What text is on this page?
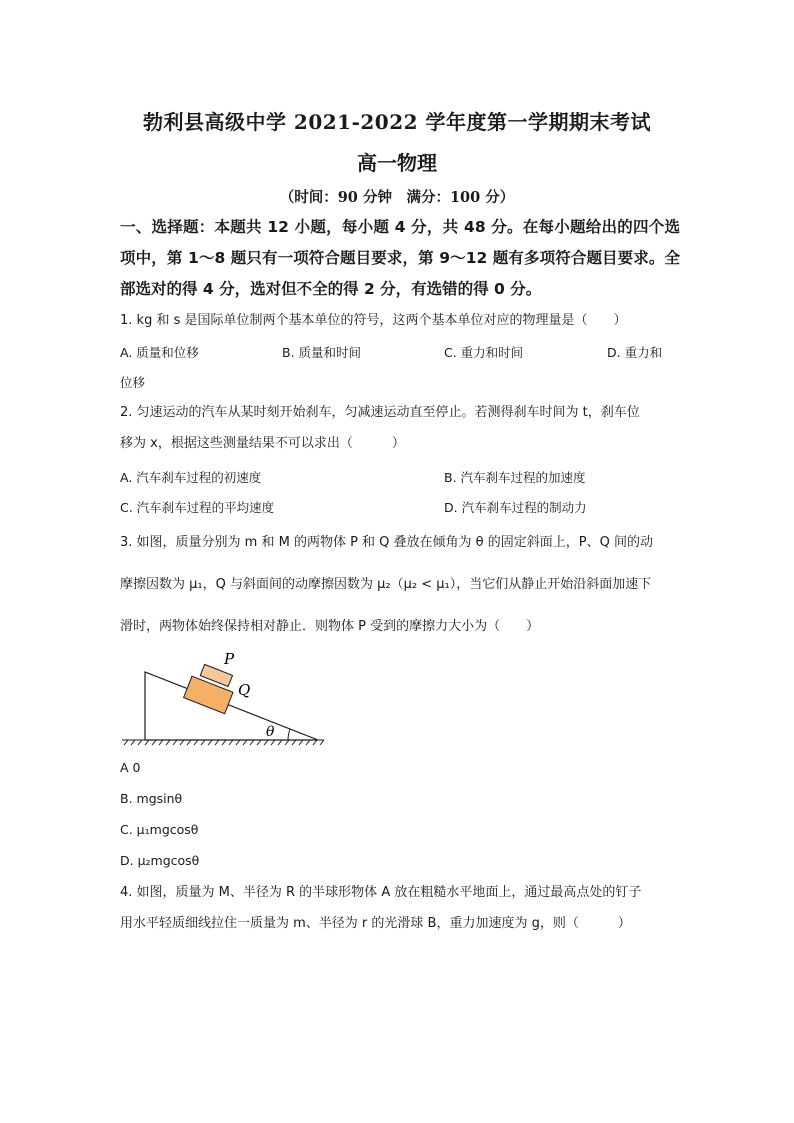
勃利县高级中学 2021-2022 学年度第一学期期末考试
高一物理
（时间：90 分钟　满分：100 分）
一、选择题：本题共 12 小题，每小题 4 分，共 48 分。在每小题给出的四个选项中，第 1～8 题只有一项符合题目要求，第 9～12 题有多项符合题目要求。全部选对的得 4 分，选对但不全的得 2 分，有选错的得 0 分。
1. kg 和 s 是国际单位制两个基本单位的符号，这两个基本单位对应的物理量是（　　）
A. 质量和位移	B. 质量和时间	C. 重力和时间	D. 重力和
位移
2. 匀速运动的汽车从某时刻开始刹车，匀减速运动直至停止。若测得刹车时间为 t，刹车位
移为 x，根据这些测量结果不可以求出（　　　）
A. 汽车刹车过程的初速度	B. 汽车刹车过程的加速度
C. 汽车刹车过程的平均速度	D. 汽车刹车过程的制动力
3. 如图，质量分别为 m 和 M 的两物体 P 和 Q 叠放在倾角为 θ 的固定斜面上，P、Q 间的动
摩擦因数为 μ₁，Q 与斜面间的动摩擦因数为 μ₂（μ₂ < μ₁），当它们从静止开始沿斜面加速下
滑时，两物体始终保持相对静止．则物体 P 受到的摩擦力大小为（　　）
P
Q
θ
A 0
B. mgsinθ
C. μ₁mgcosθ
D. μ₂mgcosθ
4. 如图，质量为 M、半径为 R 的半球形物体 A 放在粗糙水平地面上，通过最高点处的钉子
用水平轻质细线拉住一质量为 m、半径为 r 的光滑球 B，重力加速度为 g，则（　　　）
